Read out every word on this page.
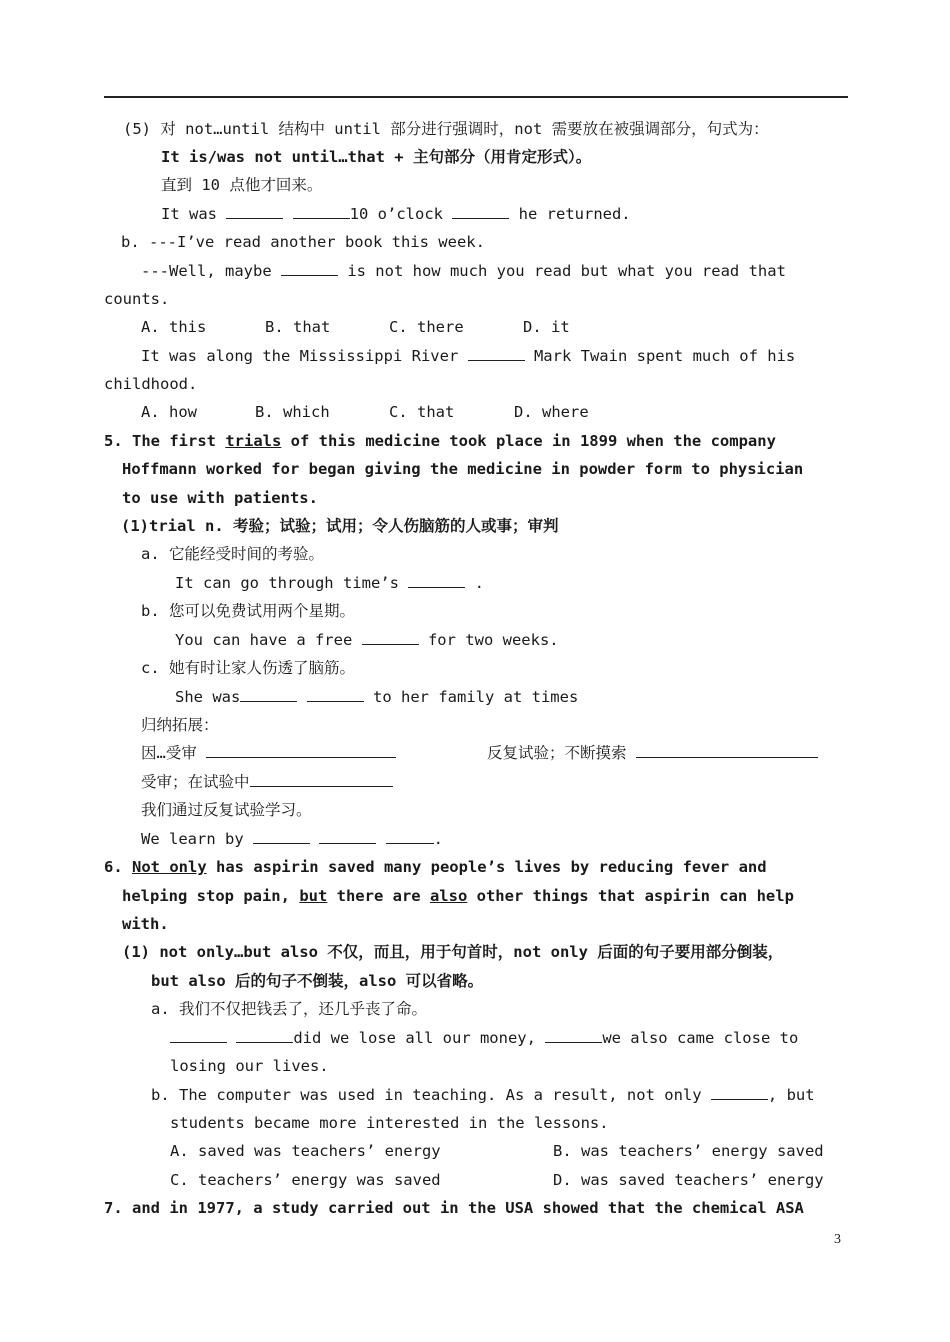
(5) 对 not…until 结构中 until 部分进行强调时，not 需要放在被强调部分，句式为：
It is/was not until…that + 主句部分（用肯定形式）。
直到 10 点他才回来。
It was	10 o’clock	he returned.
b. ---I’ve read another book this week.
---Well, maybe	is not how much you read but what you read that
counts.
A. this	B. that	C. there	D. it
It was along the Mississippi River	Mark Twain spent much of his
childhood.
A. how	B. which	C. that	D. where
5. The first trials of this medicine took place in 1899 when the company
Hoffmann worked for began giving the medicine in powder form to physician
to use with patients.
(1)trial n. 考验；试验；试用；令人伤脑筋的人或事；审判
a. 它能经受时间的考验。
It can go through time’s	.
b. 您可以免费试用两个星期。
You can have a free	for two weeks.
c. 她有时让家人伤透了脑筋。
She was	to her family at times
归纳拓展：
因…受审	反复试验；不断摸索
受审；在试验中
我们通过反复试验学习。
We learn by	.
6. Not only has aspirin saved many people’s lives by reducing fever and
helping stop pain, but there are also other things that aspirin can help
with.
(1) not only…but also 不仅，而且，用于句首时，not only 后面的句子要用部分倒装，
but also 后的句子不倒装，also 可以省略。
a. 我们不仅把钱丢了，还几乎丧了命。
did we lose all our money,	we also came close to
losing our lives.
b. The computer was used in teaching. As a result, not only	, but
students became more interested in the lessons.
A. saved was teachers’ energy	B. was teachers’ energy saved
C. teachers’ energy was saved	D. was saved teachers’ energy
7. and in 1977, a study carried out in the USA showed that the chemical ASA
3
